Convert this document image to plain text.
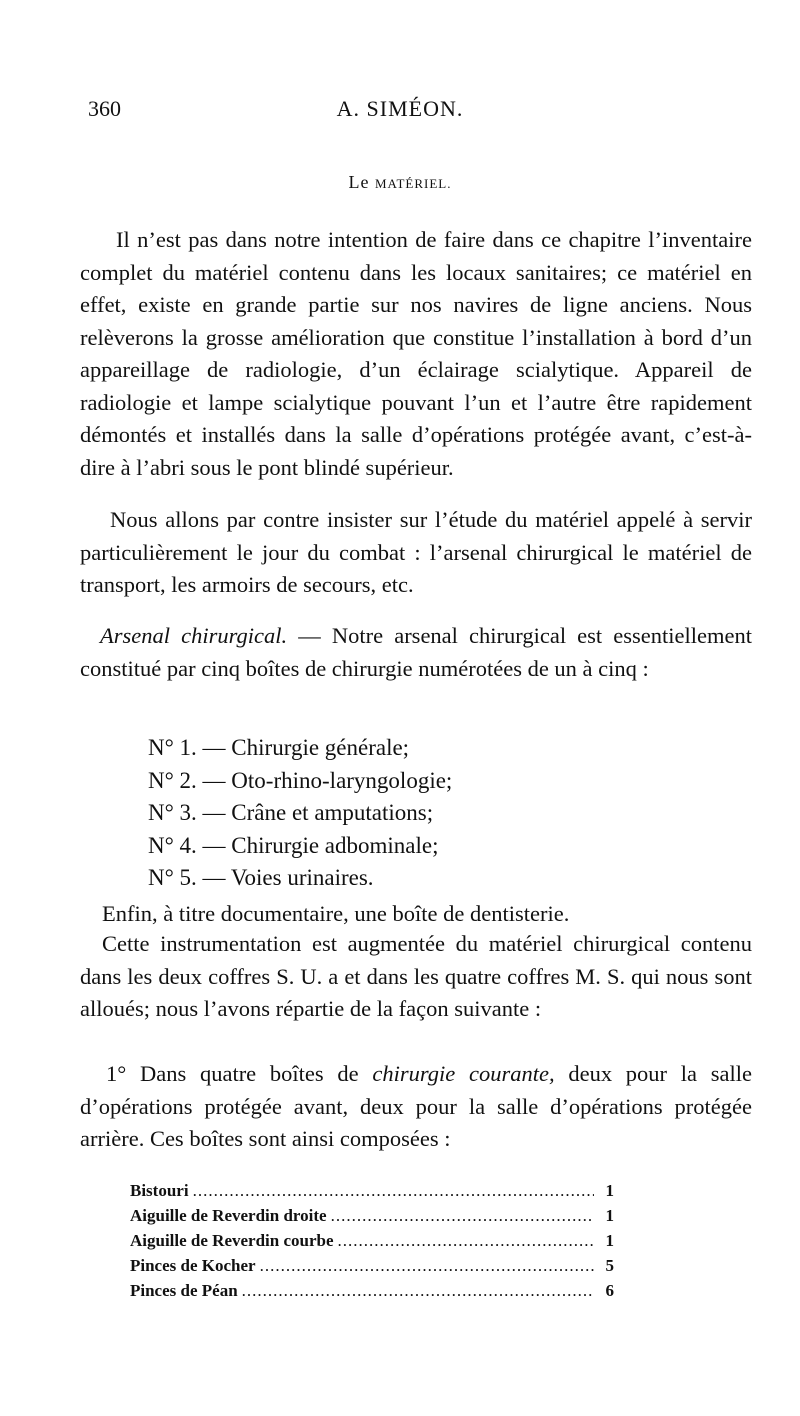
360	A. SIMÉON.
Le MATÉRIEL.

Il n’est pas dans notre intention de faire dans ce chapitre l’inventaire complet du matériel contenu dans les locaux sanitaires; ce matériel en effet, existe en grande partie sur nos navires de ligne anciens. Nous relèverons la grosse amélioration que constitue l’installation à bord d’un appareillage de radiologie, d’un éclairage scialytique. Appareil de radiologie et lampe scialytique pouvant l’un et l’autre être rapidement démontés et installés dans la salle d’opérations protégée avant, c’est-à-dire à l’abri sous le pont blindé supérieur.

Nous allons par contre insister sur l’étude du matériel appelé à servir particulièrement le jour du combat : l’arsenal chirurgical le matériel de transport, les armoirs de secours, etc.

Arsenal chirurgical. — Notre arsenal chirurgical est essentiellement constitué par cinq boîtes de chirurgie numérotées de un à cinq :

N° 1. — Chirurgie générale;
N° 2. — Oto-rhino-laryngologie;
N° 3. — Crâne et amputations;
N° 4. — Chirurgie adbominale;
N° 5. — Voies urinaires.

Enfin, à titre documentaire, une boîte de dentisterie.

Cette instrumentation est augmentée du matériel chirurgical contenu dans les deux coffres S. U. a et dans les quatre coffres M. S. qui nous sont alloués; nous l’avons répartie de la façon suivante :

1° Dans quatre boîtes de chirurgie courante, deux pour la salle d’opérations protégée avant, deux pour la salle d’opérations protégée arrière. Ces boîtes sont ainsi composées :

Bistouri .....	1
Aiguille de Reverdin droite .....	1
Aiguille de Reverdin courbe .....	1
Pinces de Kocher .....	5
Pinces de Péan .....	6
